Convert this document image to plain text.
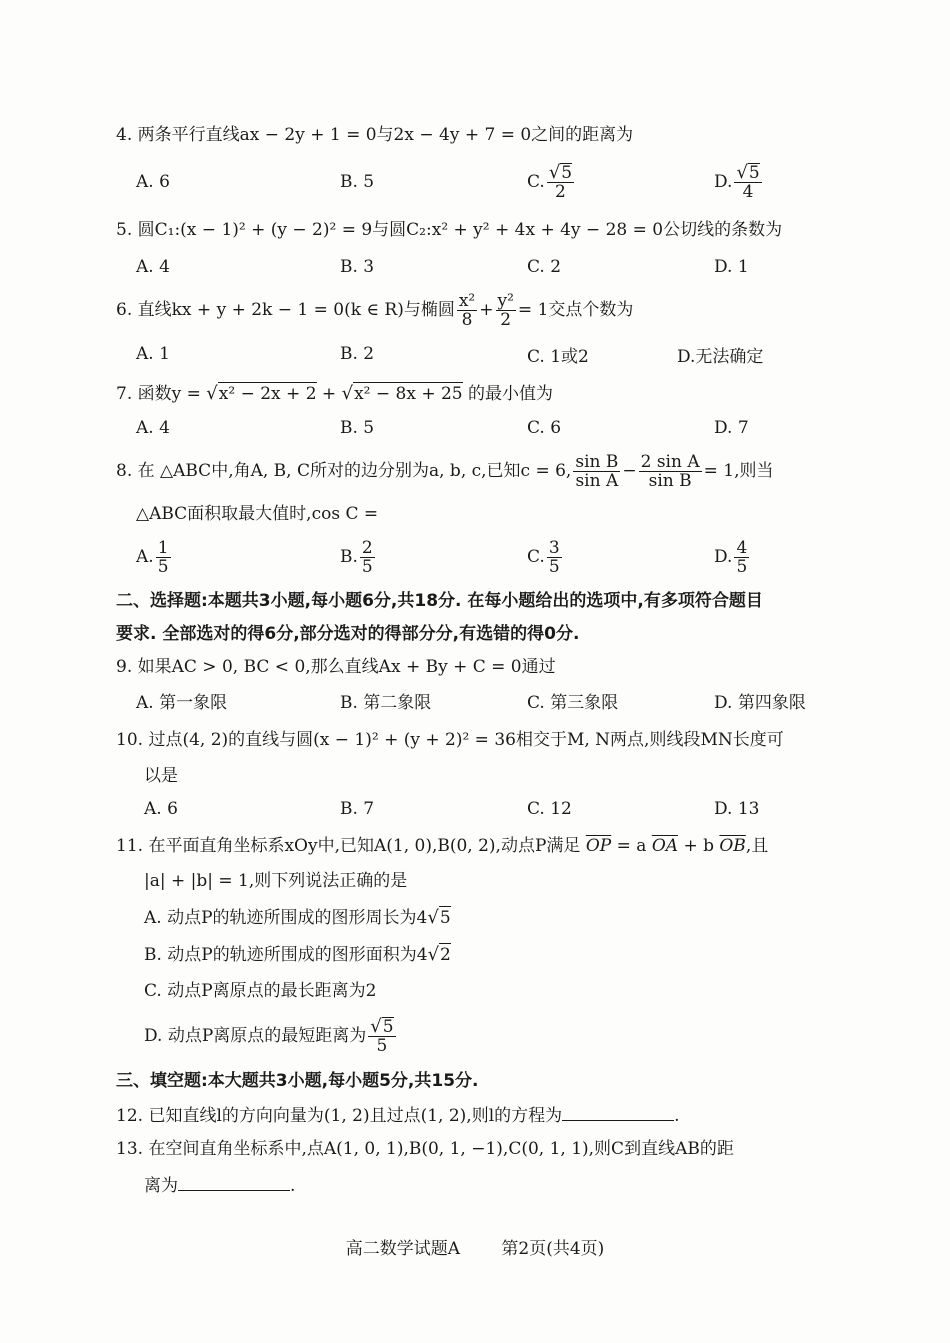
4. 两条平行直线ax − 2y + 1 = 0与2x − 4y + 7 = 0之间的距离为
A. 6	B. 5	C. $\frac{√5}{2}$	D. $\frac{√5}{4}$
5. 圆C₁:(x − 1)² + (y − 2)² = 9与圆C₂:x² + y² + 4x + 4y − 28 = 0公切线的条数为
A. 4	B. 3	C. 2	D. 1
6. 直线kx + y + 2k − 1 = 0(k ∈ R)与椭圆 $\frac{\text{x²}}{8} + \frac{\text{y²}}{2} = 1$交点个数为
A. 1	B. 2	C. 1或2	D.无法确定
7. 函数y = √x² − 2x + 2 + √x² − 8x + 25 的最小值为
A. 4	B. 5	C. 6	D. 7
8. 在 △ABC中,角A, B, C所对的边分别为a, b, c,已知c = 6, $\frac{\text{sin B}}{\text{sin A}} - \frac{\text{2 sin A}}{\text{sin B}} = 1$,则当
△ABC面积取最大值时,cos C =
A. $\frac{1}{5}$	B. $\frac{2}{5}$	C. $\frac{3}{5}$	D. $\frac{4}{5}$
二、选择题:本题共3小题,每小题6分,共18分. 在每小题给出的选项中,有多项符合题目
要求. 全部选对的得6分,部分选对的得部分分,有选错的得0分.
9. 如果AC > 0, BC < 0,那么直线Ax + By + C = 0通过
A. 第一象限	B. 第二象限	C. 第三象限	D. 第四象限
10. 过点(4, 2)的直线与圆(x − 1)² + (y + 2)² = 36相交于M, N两点,则线段MN长度可
以是
A. 6	B. 7	C. 12	D. 13
11. 在平面直角坐标系xOy中,已知A(1, 0),B(0, 2),动点P满足 $\overline{OP} = a$ $\overline{OA} + b$ $\overline{OB}$,且
|a| + |b| = 1,则下列说法正确的是
A. 动点P的轨迹所围成的图形周长为4√5
B. 动点P的轨迹所围成的图形面积为4√2
C. 动点P离原点的最长距离为2
D. 动点P离原点的最短距离为 $\frac{√5}{5}$
三、填空题:本大题共3小题,每小题5分,共15分.
12. 已知直线l的方向向量为(1, 2)且过点(1, 2),则l的方程为	.
13. 在空间直角坐标系中,点A(1, 0, 1),B(0, 1, −1),C(0, 1, 1),则C到直线AB的距
离为	.
高二数学试题A 第2页(共4页)
